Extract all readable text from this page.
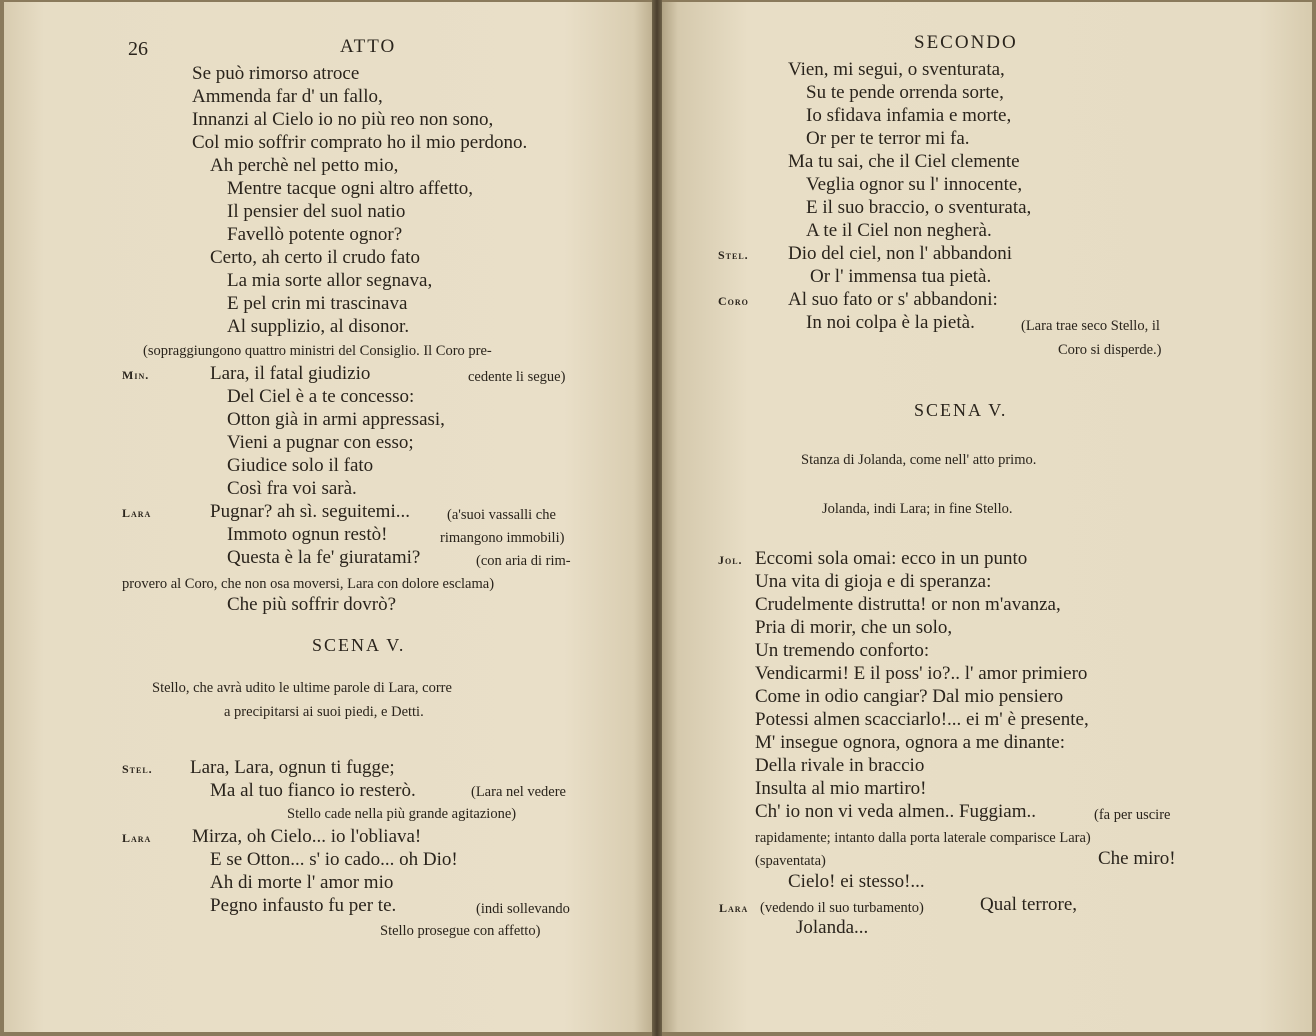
26	ATTO
Se può rimorso atroce
Ammenda far d' un fallo,
Innanzi al Cielo io no più reo non sono,
Col mio soffrir comprato ho il mio perdono.
Ah perchè nel petto mio,
Mentre tacque ogni altro affetto,
Il pensier del suol natio
Favellò potente ognor?
Certo, ah certo il crudo fato
La mia sorte allor segnava,
E pel crin mi trascinava
Al supplizio, al disonor.
(sopraggiungono quattro ministri del Consiglio. Il Coro pre-
Min.	Lara, il fatal giudizio	cedente li segue)
Del Ciel è a te concesso:
Otton già in armi appressasi,
Vieni a pugnar con esso;
Giudice solo il fato
Così fra voi sarà.
Lara	Pugnar? ah sì. seguitemi...	(a'suoi vassalli che
Immoto ognun restò!	rimangono immobili)
Questa è la fe' giuratami?	(con aria di rim-
provero al Coro, che non osa moversi, Lara con dolore esclama)
Che più soffrir dovrò?
SCENA V.
Stello, che avrà udito le ultime parole di Lara, corre
a precipitarsi ai suoi piedi, e Detti.
Stel. Lara, Lara, ognun ti fugge;
Ma al tuo fianco io resterò.	(Lara nel vedere
Stello cade nella più grande agitazione)
Lara Mirza, oh Cielo... io l'obliava!
E se Otton... s' io cado... oh Dio!
Ah di morte l' amor mio
Pegno infausto fu per te.	(indi sollevando
Stello prosegue con affetto)
SECONDO
Vien, mi segui, o sventurata,
Su te pende orrenda sorte,
Io sfidava infamia e morte,
Or per te terror mi fa.
Ma tu sai, che il Ciel clemente
Veglia ognor su l' innocente,
E il suo braccio, o sventurata,
A te il Ciel non negherà.
Stel. Dio del ciel, non l' abbandoni
Or l' immensa tua pietà.
Coro Al suo fato or s' abbandoni:
In noi colpa è la pietà.	(Lara trae seco Stello, il
Coro si disperde.)
SCENA V.
Stanza di Jolanda, come nell' atto primo.
Jolanda, indi Lara; in fine Stello.
Jol. Eccomi sola omai: ecco in un punto
Una vita di gioja e di speranza:
Crudelmente distrutta! or non m'avanza,
Pria di morir, che un solo,
Un tremendo conforto:
Vendicarmi! E il poss' io?.. l' amor primiero
Come in odio cangiar? Dal mio pensiero
Potessi almen scacciarlo!... ei m' è presente,
M' insegue ognora, ognora a me dinante:
Della rivale in braccio
Insulta al mio martiro!
Ch' io non vi veda almen.. Fuggiam..	(fa per uscire
rapidamente; intanto dalla porta laterale comparisce Lara)
(spaventata)	Che miro!
Cielo! ei stesso!...
Lara (vedendo il suo turbamento)	Qual terrore,
Jolanda...
